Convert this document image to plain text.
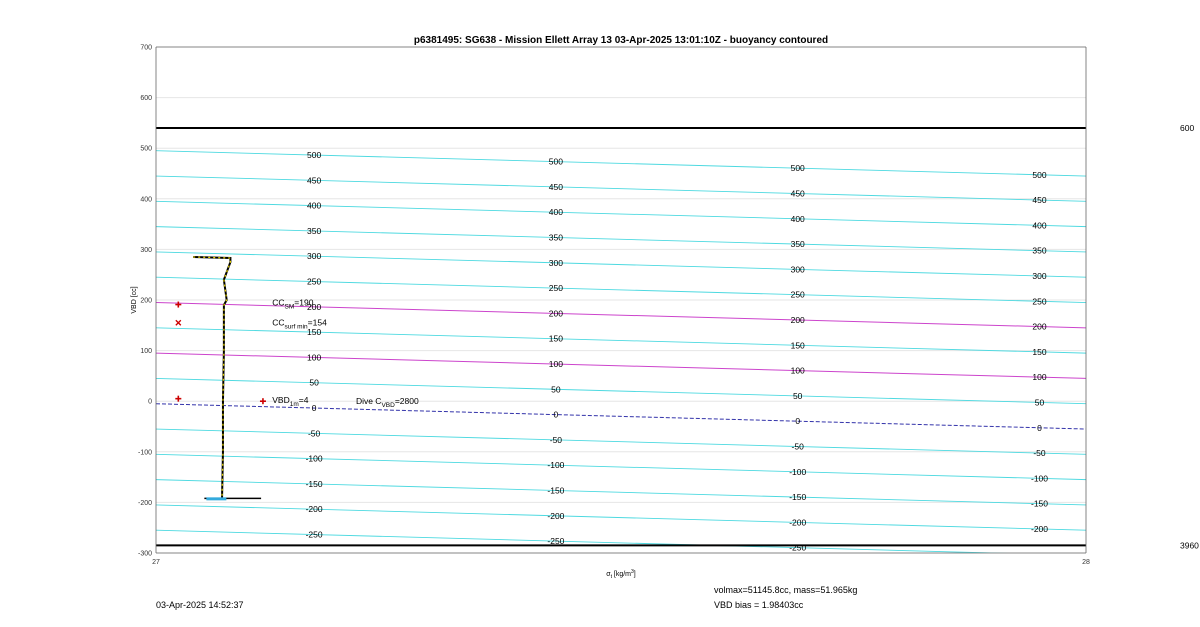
-250
-250
-250
-200
-200
-200
-200
-150
-150
-150
-150
-100
-100
-100
-100
-50
-50
-50
-50
0
0
0
0
50
50
50
50
100
100
100
100
150
150
150
150
200
200
200
200
250
250
250
250
300
300
300
300
350
350
350
350
400
400
400
400
450
450
450
450
500
500
500
500
600
3960
$CC_{SM}=190$
$CC_{surf min}=154$
$VBD_{1m}=4$	Dive $C_{VBD}=2800$
-300
-200
-100
0
100
200
300
400
500
600
700
27	28
p6381495: SG638 - Mission Ellett Array 13 03-Apr-2025 13:01:10Z - buoyancy contoured
VBD [cc]
$\sigma_t$ $[kg/m^3]$
03-Apr-2025 14:52:37
volmax=51145.8cc, mass=51.965kg
VBD bias = 1.98403cc
